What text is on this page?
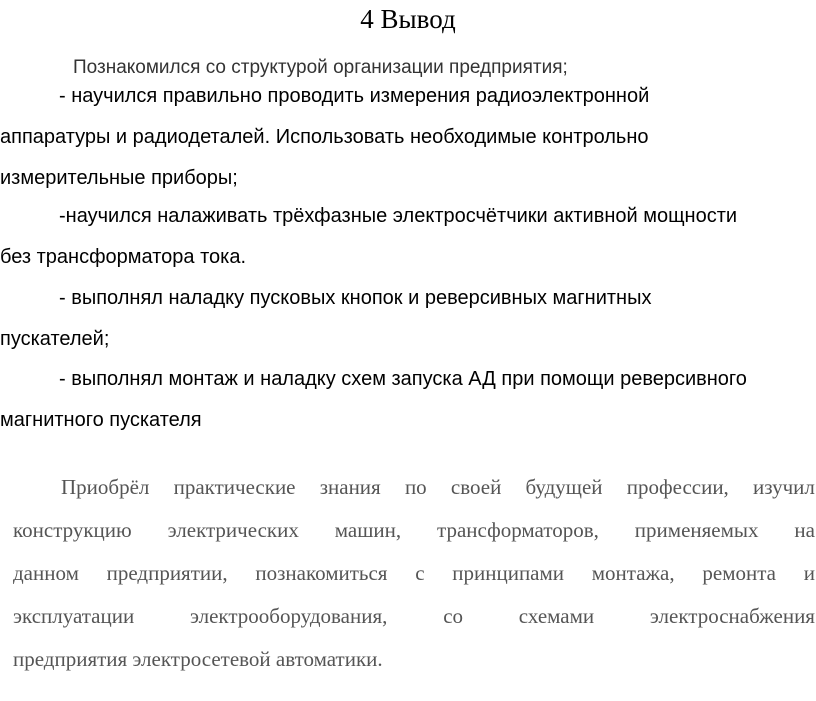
4 Вывод
Познакомился со структурой организации предприятия;
- научился правильно проводить измерения радиоэлектронной
аппаратуры и радиодеталей. Использовать необходимые контрольно
измерительные приборы;
-научился налаживать трёхфазные электросчётчики активной мощности
без трансформатора тока.
- выполнял наладку пусковых кнопок и реверсивных магнитных
пускателей;
- выполнял монтаж и наладку схем запуска АД при помощи реверсивного
магнитного пускателя
Приобрёл практические знания по своей будущей профессии, изучил
конструкцию электрических машин, трансформаторов, применяемых на
данном предприятии, познакомиться с принципами монтажа, ремонта и
эксплуатации	электрооборудования,	со	схемами	электроснабжения
предприятия электросетевой автоматики.
